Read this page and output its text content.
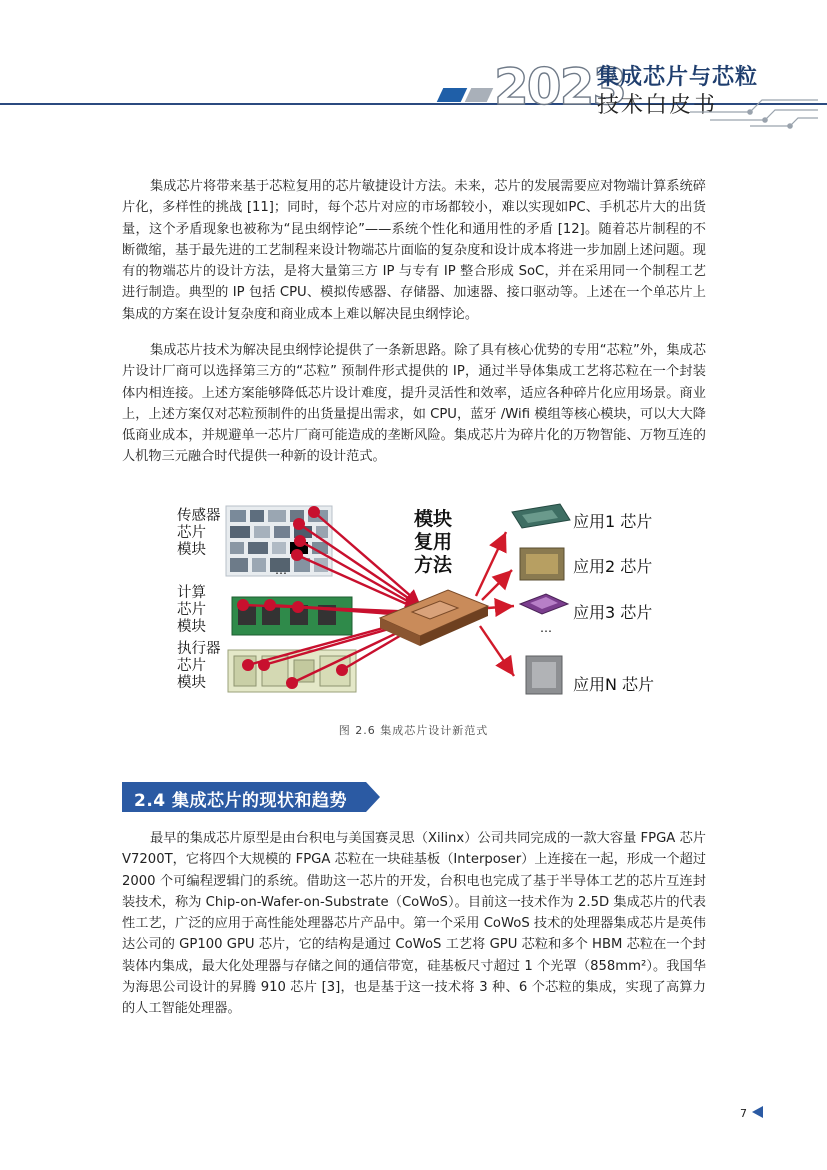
2023
集成芯片与芯粒
技术白皮书

集成芯片将带来基于芯粒复用的芯片敏捷设计方法。未来，芯片的发展需要应对物端计算系统碎片化，多样性的挑战 [11]；同时，每个芯片对应的市场都较小，难以实现如PC、手机芯片大的出货量，这个矛盾现象也被称为“昆虫纲悖论”——系统个性化和通用性的矛盾 [12]。随着芯片制程的不断微缩，基于最先进的工艺制程来设计物端芯片面临的复杂度和设计成本将进一步加剧上述问题。现有的物端芯片的设计方法，是将大量第三方 IP 与专有 IP 整合形成 SoC，并在采用同一个制程工艺进行制造。典型的 IP 包括 CPU、模拟传感器、存储器、加速器、接口驱动等。上述在一个单芯片上集成的方案在设计复杂度和商业成本上难以解决昆虫纲悖论。

集成芯片技术为解决昆虫纲悖论提供了一条新思路。除了具有核心优势的专用“芯粒”外，集成芯片设计厂商可以选择第三方的“芯粒” 预制件形式提供的 IP，通过半导体集成工艺将芯粒在一个封装体内相连接。上述方案能够降低芯片设计难度，提升灵活性和效率，适应各种碎片化应用场景。商业上，上述方案仅对芯粒预制件的出货量提出需求，如 CPU，蓝牙 /Wifi 模组等核心模块，可以大大降低商业成本，并规避单一芯片厂商可能造成的垄断风险。集成芯片为碎片化的万物智能、万物互连的人机物三元融合时代提供一种新的设计范式。

传感器
芯片
模块
…
计算
芯片
模块
执行器
芯片
模块
模块
复用
方法
应用1 芯片
应用2 芯片
应用3 芯片
…
应用N 芯片
图 2.6 集成芯片设计新范式
2.4 集成芯片的现状和趋势

最早的集成芯片原型是由台积电与美国赛灵思（Xilinx）公司共同完成的一款大容量 FPGA 芯片 V7200T，它将四个大规模的 FPGA 芯粒在一块硅基板（Interposer）上连接在一起，形成一个超过 2000 个可编程逻辑门的系统。借助这一芯片的开发，台积电也完成了基于半导体工艺的芯片互连封装技术，称为 Chip-on-Wafer-on-Substrate（CoWoS）。目前这一技术作为 2.5D 集成芯片的代表性工艺，广泛的应用于高性能处理器芯片产品中。第一个采用 CoWoS 技术的处理器集成芯片是英伟达公司的 GP100 GPU 芯片，它的结构是通过 CoWoS 工艺将 GPU 芯粒和多个 HBM 芯粒在一个封装体内集成，最大化处理器与存储之间的通信带宽，硅基板尺寸超过 1 个光罩（858mm²）。我国华为海思公司设计的昇腾 910 芯片 [3]，也是基于这一技术将 3 种、6 个芯粒的集成，实现了高算力的人工智能处理器。

7
